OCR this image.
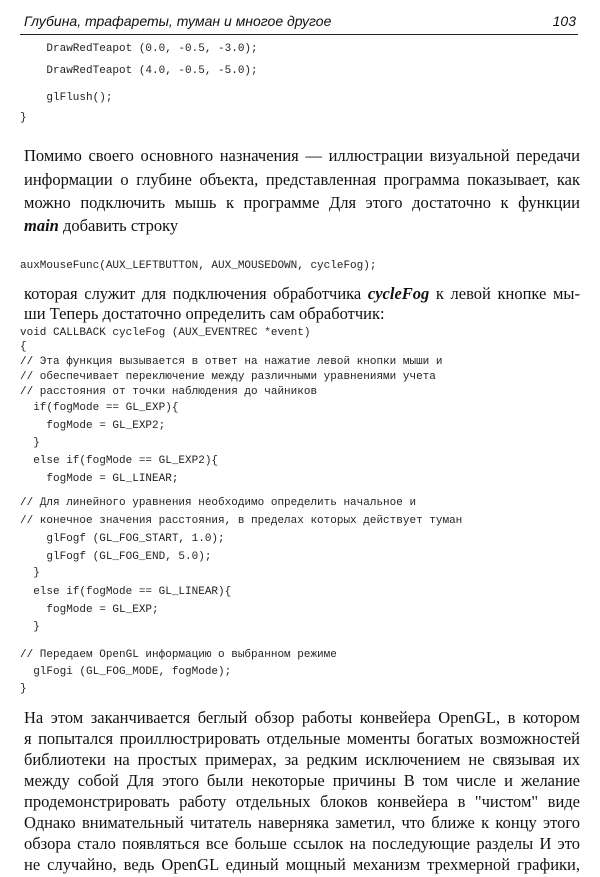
Глубина, трафареты, туман и многое другое	103
DrawRedTeapot (0.0, -0.5, -3.0);
DrawRedTeapot (4.0, -0.5, -5.0);
glFlush();
}
Помимо своего основного назначения — иллюстрации визуальной передачи
информации о глубине объекта, представленная программа показывает, как
можно подключить мышь к программе Для этого достаточно к функции
main добавить строку
auxMouseFunc(AUX_LEFTBUTTON, AUX_MOUSEDOWN, cycleFog);
которая служит для подключения обработчика cycleFog к левой кнопке мы-
ши Теперь достаточно определить сам обработчик:
void CALLBACK cycleFog (AUX_EVENTREC *event)
{
// Эта функция вызывается в ответ на нажатие левой кнопки мыши и
// обеспечивает переключение между различными уравнениями учета
// расстояния от точки наблюдения до чайников
if(fogMode == GL_EXP){
fogMode = GL_EXP2;
}
else if(fogMode == GL_EXP2){
fogMode = GL_LINEAR;
// Для линейного уравнения необходимо определить начальное и
// конечное значения расстояния, в пределах которых действует туман
glFogf (GL_FOG_START, 1.0);
glFogf (GL_FOG_END, 5.0);
}
else if(fogMode == GL_LINEAR){
fogMode = GL_EXP;
}
// Передаем OpenGL информацию о выбранном режиме
glFogi (GL_FOG_MODE, fogMode);
}
На этом заканчивается беглый обзор работы конвейера OpenGL, в котором
я попытался проиллюстрировать отдельные моменты богатых возможностей
библиотеки на простых примерах, за редким исключением не связывая их
между собой Для этого были некоторые причины В том числе и желание
продемонстрировать работу отдельных блоков конвейера в "чистом" виде
Однако внимательный читатель наверняка заметил, что ближе к концу этого
обзора стало появляться все больше ссылок на последующие разделы И это
не случайно, ведь OpenGL единый мощный механизм трехмерной графики,
